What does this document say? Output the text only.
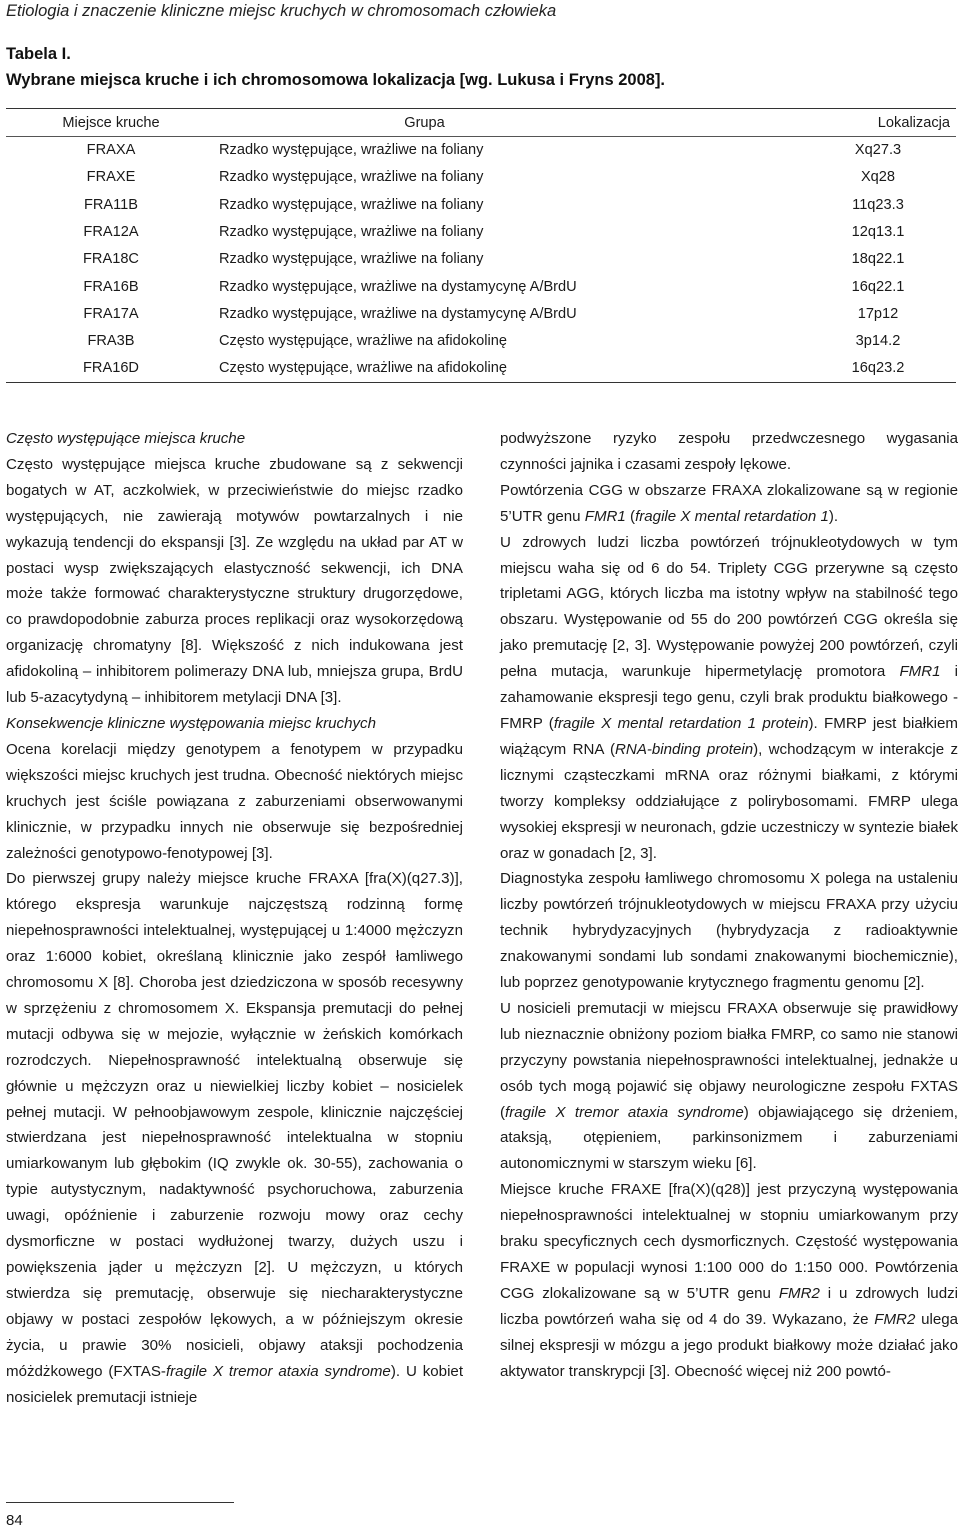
Etiologia i znaczenie kliniczne miejsc kruchych w chromosomach człowieka
Tabela I.
Wybrane miejsca kruche i ich chromosomowa lokalizacja [wg. Lukusa i Fryns 2008].
Miejsce kruche	Grupa	Lokalizacja
FRAXA	Rzadko występujące, wrażliwe na foliany	Xq27.3
FRAXE	Rzadko występujące, wrażliwe na foliany	Xq28
FRA11B	Rzadko występujące, wrażliwe na foliany	11q23.3
FRA12A	Rzadko występujące, wrażliwe na foliany	12q13.1
FRA18C	Rzadko występujące, wrażliwe na foliany	18q22.1
FRA16B	Rzadko występujące, wrażliwe na dystamycynę A/BrdU	16q22.1
FRA17A	Rzadko występujące, wrażliwe na dystamycynę A/BrdU	17p12
FRA3B	Często występujące, wrażliwe na afidokolinę	3p14.2
FRA16D	Często występujące, wrażliwe na afidokolinę	16q23.2

Często występujące miejsca kruche

Często występujące miejsca kruche zbudowane są z sekwencji bogatych w AT, aczkolwiek, w przeciwieństwie do miejsc rzadko występujących, nie zawierają motywów powtarzalnych i nie wykazują tendencji do ekspansji [3]. Ze względu na układ par AT w postaci wysp zwiększających elastyczność sekwencji, ich DNA może także formować charakterystyczne struktury drugorzędowe, co prawdopodobnie zaburza proces replikacji oraz wysokorzędową organizację chromatyny [8]. Większość z nich indukowana jest afidokoliną – inhibitorem polimerazy DNA lub, mniejsza grupa, BrdU lub 5-azacytydyną – inhibitorem metylacji DNA [3].

Konsekwencje kliniczne występowania miejsc kruchych

Ocena korelacji między genotypem a fenotypem w przypadku większości miejsc kruchych jest trudna. Obecność niektórych miejsc kruchych jest ściśle powiązana z zaburzeniami obserwowanymi klinicznie, w przypadku innych nie obserwuje się bezpośredniej zależności genotypowo-fenotypowej [3].

Do pierwszej grupy należy miejsce kruche FRAXA [fra(X)(q27.3)], którego ekspresja warunkuje najczęstszą rodzinną formę niepełnosprawności intelektualnej, występującej u 1:4000 mężczyzn oraz 1:6000 kobiet, określaną klinicznie jako zespół łamliwego chromosomu X [8]. Choroba jest dziedziczona w sposób recesywny w sprzężeniu z chromosomem X. Ekspansja premutacji do pełnej mutacji odbywa się w mejozie, wyłącznie w żeńskich komórkach rozrodczych. Niepełnosprawność intelektualną obserwuje się głównie u mężczyzn oraz u niewielkiej liczby kobiet – nosicielek pełnej mutacji. W pełnoobjawowym zespole, klinicznie najczęściej stwierdzana jest niepełnosprawność intelektualna w stopniu umiarkowanym lub głębokim (IQ zwykle ok. 30-55), zachowania o typie autystycznym, nadaktywność psychoruchowa, zaburzenia uwagi, opóźnienie i zaburzenie rozwoju mowy oraz cechy dysmorficzne w postaci wydłużonej twarzy, dużych uszu i powiększenia jąder u mężczyzn [2]. U mężczyzn, u których stwierdza się premutację, obserwuje się niecharakterystyczne objawy w postaci zespołów lękowych, a w późniejszym okresie życia, u prawie 30% nosicieli, objawy ataksji pochodzenia móżdżkowego (FXTAS-fragile X tremor ataxia syndrome). U kobiet nosicielek premutacji istnieje

podwyższone ryzyko zespołu przedwczesnego wygasania czynności jajnika i czasami zespoły lękowe.

Powtórzenia CGG w obszarze FRAXA zlokalizowane są w regionie 5’UTR genu FMR1 (fragile X mental retardation 1).

U zdrowych ludzi liczba powtórzeń trójnukleotydowych w tym miejscu waha się od 6 do 54. Triplety CGG przerywne są często tripletami AGG, których liczba ma istotny wpływ na stabilność tego obszaru. Występowanie od 55 do 200 powtórzeń CGG określa się jako premutację [2, 3]. Występowanie powyżej 200 powtórzeń, czyli pełna mutacja, warunkuje hipermetylację promotora FMR1 i zahamowanie ekspresji tego genu, czyli brak produktu białkowego - FMRP (fragile X mental retardation 1 protein). FMRP jest białkiem wiążącym RNA (RNA-binding protein), wchodzącym w interakcje z licznymi cząsteczkami mRNA oraz różnymi białkami, z którymi tworzy kompleksy oddziałujące z polirybosomami. FMRP ulega wysokiej ekspresji w neuronach, gdzie uczestniczy w syntezie białek oraz w gonadach [2, 3].

Diagnostyka zespołu łamliwego chromosomu X polega na ustaleniu liczby powtórzeń trójnukleotydowych w miejscu FRAXA przy użyciu technik hybrydyzacyjnych (hybrydyzacja z radioaktywnie znakowanymi sondami lub sondami znakowanymi biochemicznie), lub poprzez genotypowanie krytycznego fragmentu genomu [2].

U nosicieli premutacji w miejscu FRAXA obserwuje się prawidłowy lub nieznacznie obniżony poziom białka FMRP, co samo nie stanowi przyczyny powstania niepełnosprawności intelektualnej, jednakże u osób tych mogą pojawić się objawy neurologiczne zespołu FXTAS (fragile X tremor ataxia syndrome) objawiającego się drżeniem, ataksją, otępieniem, parkinsonizmem i zaburzeniami autonomicznymi w starszym wieku [6].

Miejsce kruche FRAXE [fra(X)(q28)] jest przyczyną występowania niepełnosprawności intelektualnej w stopniu umiarkowanym przy braku specyficznych cech dysmorficznych. Częstość występowania FRAXE w populacji wynosi 1:100 000 do 1:150 000. Powtórzenia CGG zlokalizowane są w 5’UTR genu FMR2 i u zdrowych ludzi liczba powtórzeń waha się od 4 do 39. Wykazano, że FMR2 ulega silnej ekspresji w mózgu a jego produkt białkowy może działać jako aktywator transkrypcji [3]. Obecność więcej niż 200 powtó-

84
